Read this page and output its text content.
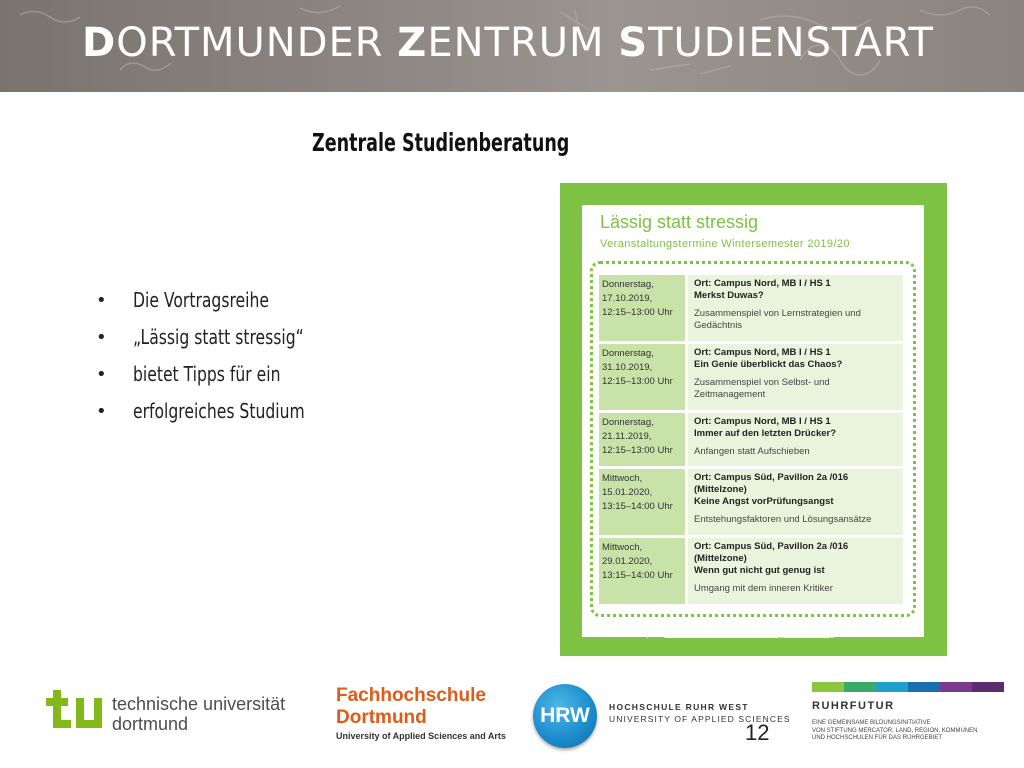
DORTMUNDER ZENTRUM STUDIENSTART
Zentrale Studienberatung
• Die Vortragsreihe
• „Lässig statt stressig“
• bietet Tipps für ein
• erfolgreiches Studium
Lässig statt stressig
Veranstaltungstermine Wintersemester 2019/20
Donnerstag,
17.10.2019,
12:15–13:00 Uhr
Ort: Campus Nord, MB I / HS 1
Merkst Duwas?
Zusammenspiel von Lernstrategien und Gedächtnis
Donnerstag,
31.10.2019,
12:15–13:00 Uhr
Ort: Campus Nord, MB I / HS 1
Ein Genie überblickt das Chaos?
Zusammenspiel von Selbst- und Zeitmanagement
Donnerstag,
21.11.2019,
12:15–13:00 Uhr
Ort: Campus Nord, MB I / HS 1
Immer auf den letzten Drücker?
Anfangen statt Aufschieben
Mittwoch,
15.01.2020,
13:15–14:00 Uhr
Ort: Campus Süd, Pavillon 2a /016 (Mittelzone)
Keine Angst vorPrüfungsangst
Entstehungsfaktoren und Lösungsansätze
Mittwoch,
29.01.2020,
13:15–14:00 Uhr
Ort: Campus Süd, Pavillon 2a /016 (Mittelzone)
Wenn gut nicht gut genug ist
Umgang mit dem inneren Kritiker
https://www.tu-dortmund.de/laessigstattstressig
technische universität
dortmund
Fachhochschule
Dortmund
University of Applied Sciences and Arts
HRW	HOCHSCHULE RUHR WEST
UNIVERSITY OF APPLIED SCIENCES
12
RUHRFUTUR
EINE GEMEINSAME BILDUNGSINITIATIVE
VON STIFTUNG MERCATOR, LAND, REGION, KOMMUNEN
UND HOCHSCHULEN FÜR DAS RUHRGEBIET
